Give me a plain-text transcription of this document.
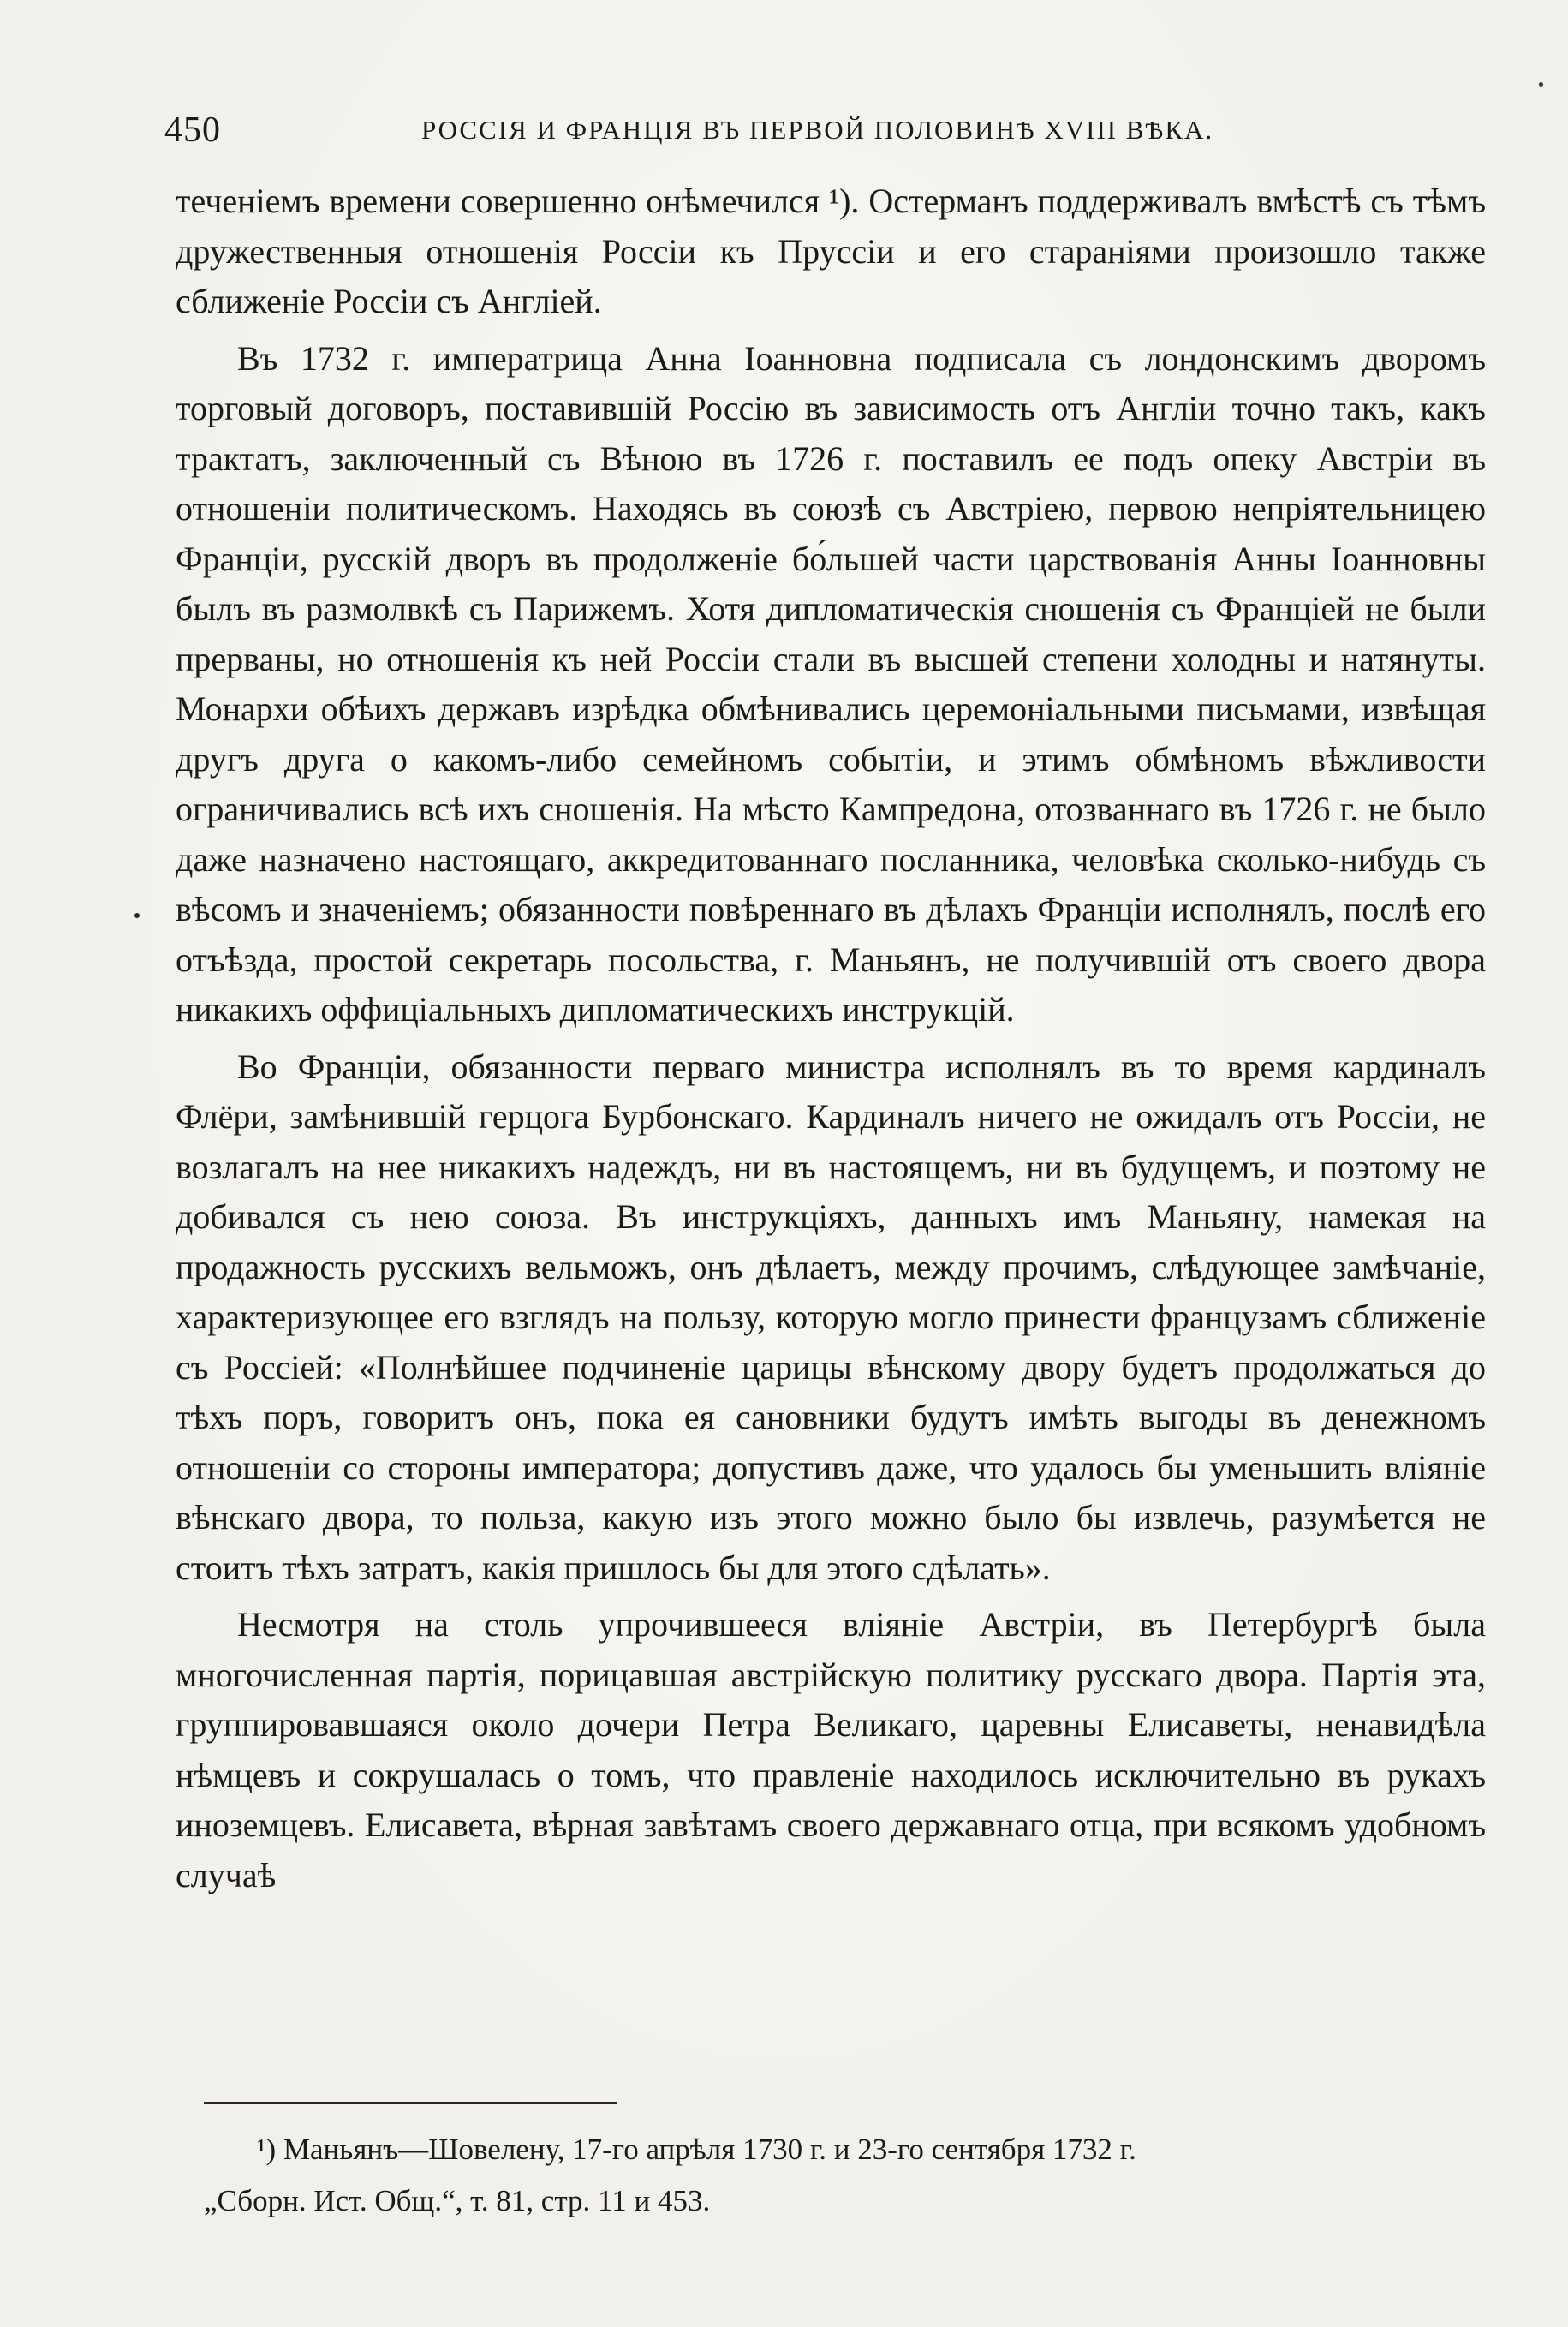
450	РОССІЯ И ФРАНЦІЯ ВЪ ПЕРВОЙ ПОЛОВИНѢ XVIII ВѢКА.

теченіемъ времени совершенно онѣмечился ¹). Остерманъ поддерживалъ вмѣстѣ съ тѣмъ дружественныя отношенія Россіи къ Пруссіи и его стараніями произошло также сближеніе Россіи съ Англіей.

Въ 1732 г. императрица Анна Іоанновна подписала съ лондонскимъ дворомъ торговый договоръ, поставившій Россію въ зависимость отъ Англіи точно такъ, какъ трактатъ, заключенный съ Вѣною въ 1726 г. поставилъ ее подъ опеку Австріи въ отношеніи политическомъ. Находясь въ союзѣ съ Австріею, первою непріятельницею Франціи, русскій дворъ въ продолженіе бо́льшей части царствованія Анны Іоанновны былъ въ размолвкѣ съ Парижемъ. Хотя дипломатическія сношенія съ Франціей не были прерваны, но отношенія къ ней Россіи стали въ высшей степени холодны и натянуты. Монархи обѣихъ державъ изрѣдка обмѣнивались церемоніальными письмами, извѣщая другъ друга о какомъ-либо семейномъ событіи, и этимъ обмѣномъ вѣжливости ограничивались всѣ ихъ сношенія. На мѣсто Кампредона, отозваннаго въ 1726 г. не было даже назначено настоящаго, аккредитованнаго посланника, человѣка сколько-нибудь съ вѣсомъ и значеніемъ; обязанности повѣреннаго въ дѣлахъ Франціи исполнялъ, послѣ его отъѣзда, простой секретарь посольства, г. Маньянъ, не получившій отъ своего двора никакихъ оффиціальныхъ дипломатическихъ инструкцій.

Во Франціи, обязанности перваго министра исполнялъ въ то время кардиналъ Флёри, замѣнившій герцога Бурбонскаго. Кардиналъ ничего не ожидалъ отъ Россіи, не возлагалъ на нее никакихъ надеждъ, ни въ настоящемъ, ни въ будущемъ, и поэтому не добивался съ нею союза. Въ инструкціяхъ, данныхъ имъ Маньяну, намекая на продажность русскихъ вельможъ, онъ дѣлаетъ, между прочимъ, слѣдующее замѣчаніе, характеризующее его взглядъ на пользу, которую могло принести французамъ сближеніе съ Россіей: «Полнѣйшее подчиненіе царицы вѣнскому двору будетъ продолжаться до тѣхъ поръ, говоритъ онъ, пока ея сановники будутъ имѣть выгоды въ денежномъ отношеніи со стороны императора; допустивъ даже, что удалось бы уменьшить вліяніе вѣнскаго двора, то польза, какую изъ этого можно было бы извлечь, разумѣется не стоитъ тѣхъ затратъ, какія пришлось бы для этого сдѣлать».

Несмотря на столь упрочившееся вліяніе Австріи, въ Петербургѣ была многочисленная партія, порицавшая австрійскую политику русскаго двора. Партія эта, группировавшаяся около дочери Петра Великаго, царевны Елисаветы, ненавидѣла нѣмцевъ и сокрушалась о томъ, что правленіе находилось исключительно въ рукахъ иноземцевъ. Елисавета, вѣрная завѣтамъ своего державнаго отца, при всякомъ удобномъ случаѣ

¹) Маньянъ—Шовелену, 17-го апрѣля 1730 г. и 23-го сентября 1732 г.

„Сборн. Ист. Общ.“, т. 81, стр. 11 и 453.
